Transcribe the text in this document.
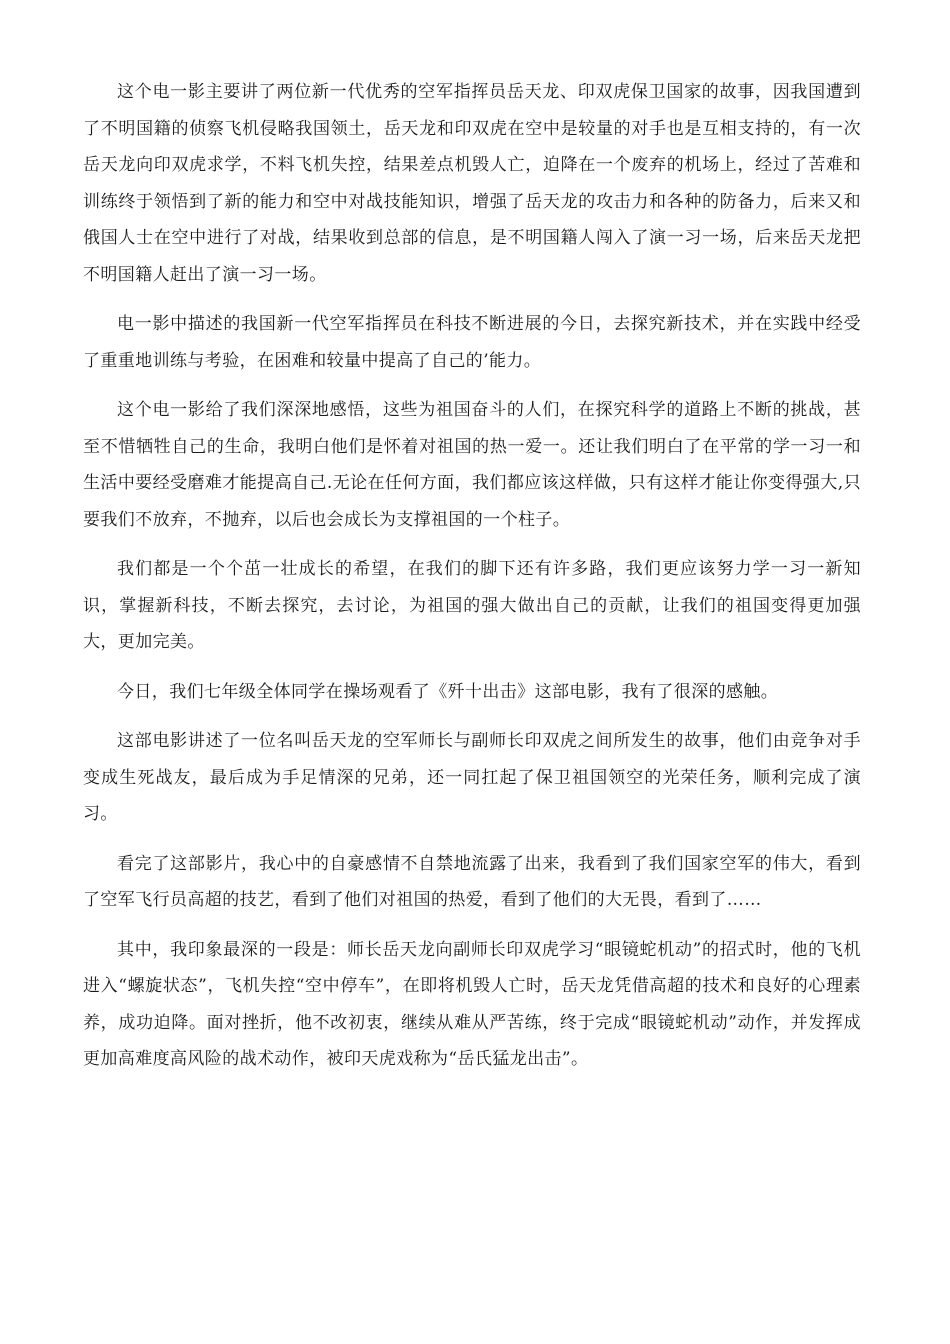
这个电一影主要讲了两位新一代优秀的空军指挥员岳天龙、印双虎保卫国家的故事，因我国遭到了不明国籍的侦察飞机侵略我国领土，岳天龙和印双虎在空中是较量的对手也是互相支持的，有一次岳天龙向印双虎求学，不料飞机失控，结果差点机毁人亡，迫降在一个废弃的机场上，经过了苦难和训练终于领悟到了新的能力和空中对战技能知识，增强了岳天龙的攻击力和各种的防备力，后来又和俄国人士在空中进行了对战，结果收到总部的信息，是不明国籍人闯入了演一习一场，后来岳天龙把不明国籍人赶出了演一习一场。

电一影中描述的我国新一代空军指挥员在科技不断进展的今日，去探究新技术，并在实践中经受了重重地训练与考验，在困难和较量中提高了自己的’能力。

这个电一影给了我们深深地感悟，这些为祖国奋斗的人们，在探究科学的道路上不断的挑战，甚至不惜牺牲自己的生命，我明白他们是怀着对祖国的热一爱一。还让我们明白了在平常的学一习一和生活中要经受磨难才能提高自己.无论在任何方面，我们都应该这样做，只有这样才能让你变得强大,只要我们不放弃，不抛弃，以后也会成长为支撑祖国的一个柱子。

我们都是一个个茁一壮成长的希望，在我们的脚下还有许多路，我们更应该努力学一习一新知识，掌握新科技，不断去探究，去讨论，为祖国的强大做出自己的贡献，让我们的祖国变得更加强大，更加完美。

今日，我们七年级全体同学在操场观看了《歼十出击》这部电影，我有了很深的感触。

这部电影讲述了一位名叫岳天龙的空军师长与副师长印双虎之间所发生的故事，他们由竞争对手变成生死战友，最后成为手足情深的兄弟，还一同扛起了保卫祖国领空的光荣任务，顺利完成了演习。

看完了这部影片，我心中的自豪感情不自禁地流露了出来，我看到了我们国家空军的伟大，看到了空军飞行员高超的技艺，看到了他们对祖国的热爱，看到了他们的大无畏，看到了……

其中，我印象最深的一段是：师长岳天龙向副师长印双虎学习“眼镜蛇机动”的招式时，他的飞机进入“螺旋状态”，飞机失控“空中停车”，在即将机毁人亡时，岳天龙凭借高超的技术和良好的心理素养，成功迫降。面对挫折，他不改初衷，继续从难从严苦练，终于完成“眼镜蛇机动”动作，并发挥成更加高难度高风险的战术动作，被印天虎戏称为“岳氏猛龙出击”。
